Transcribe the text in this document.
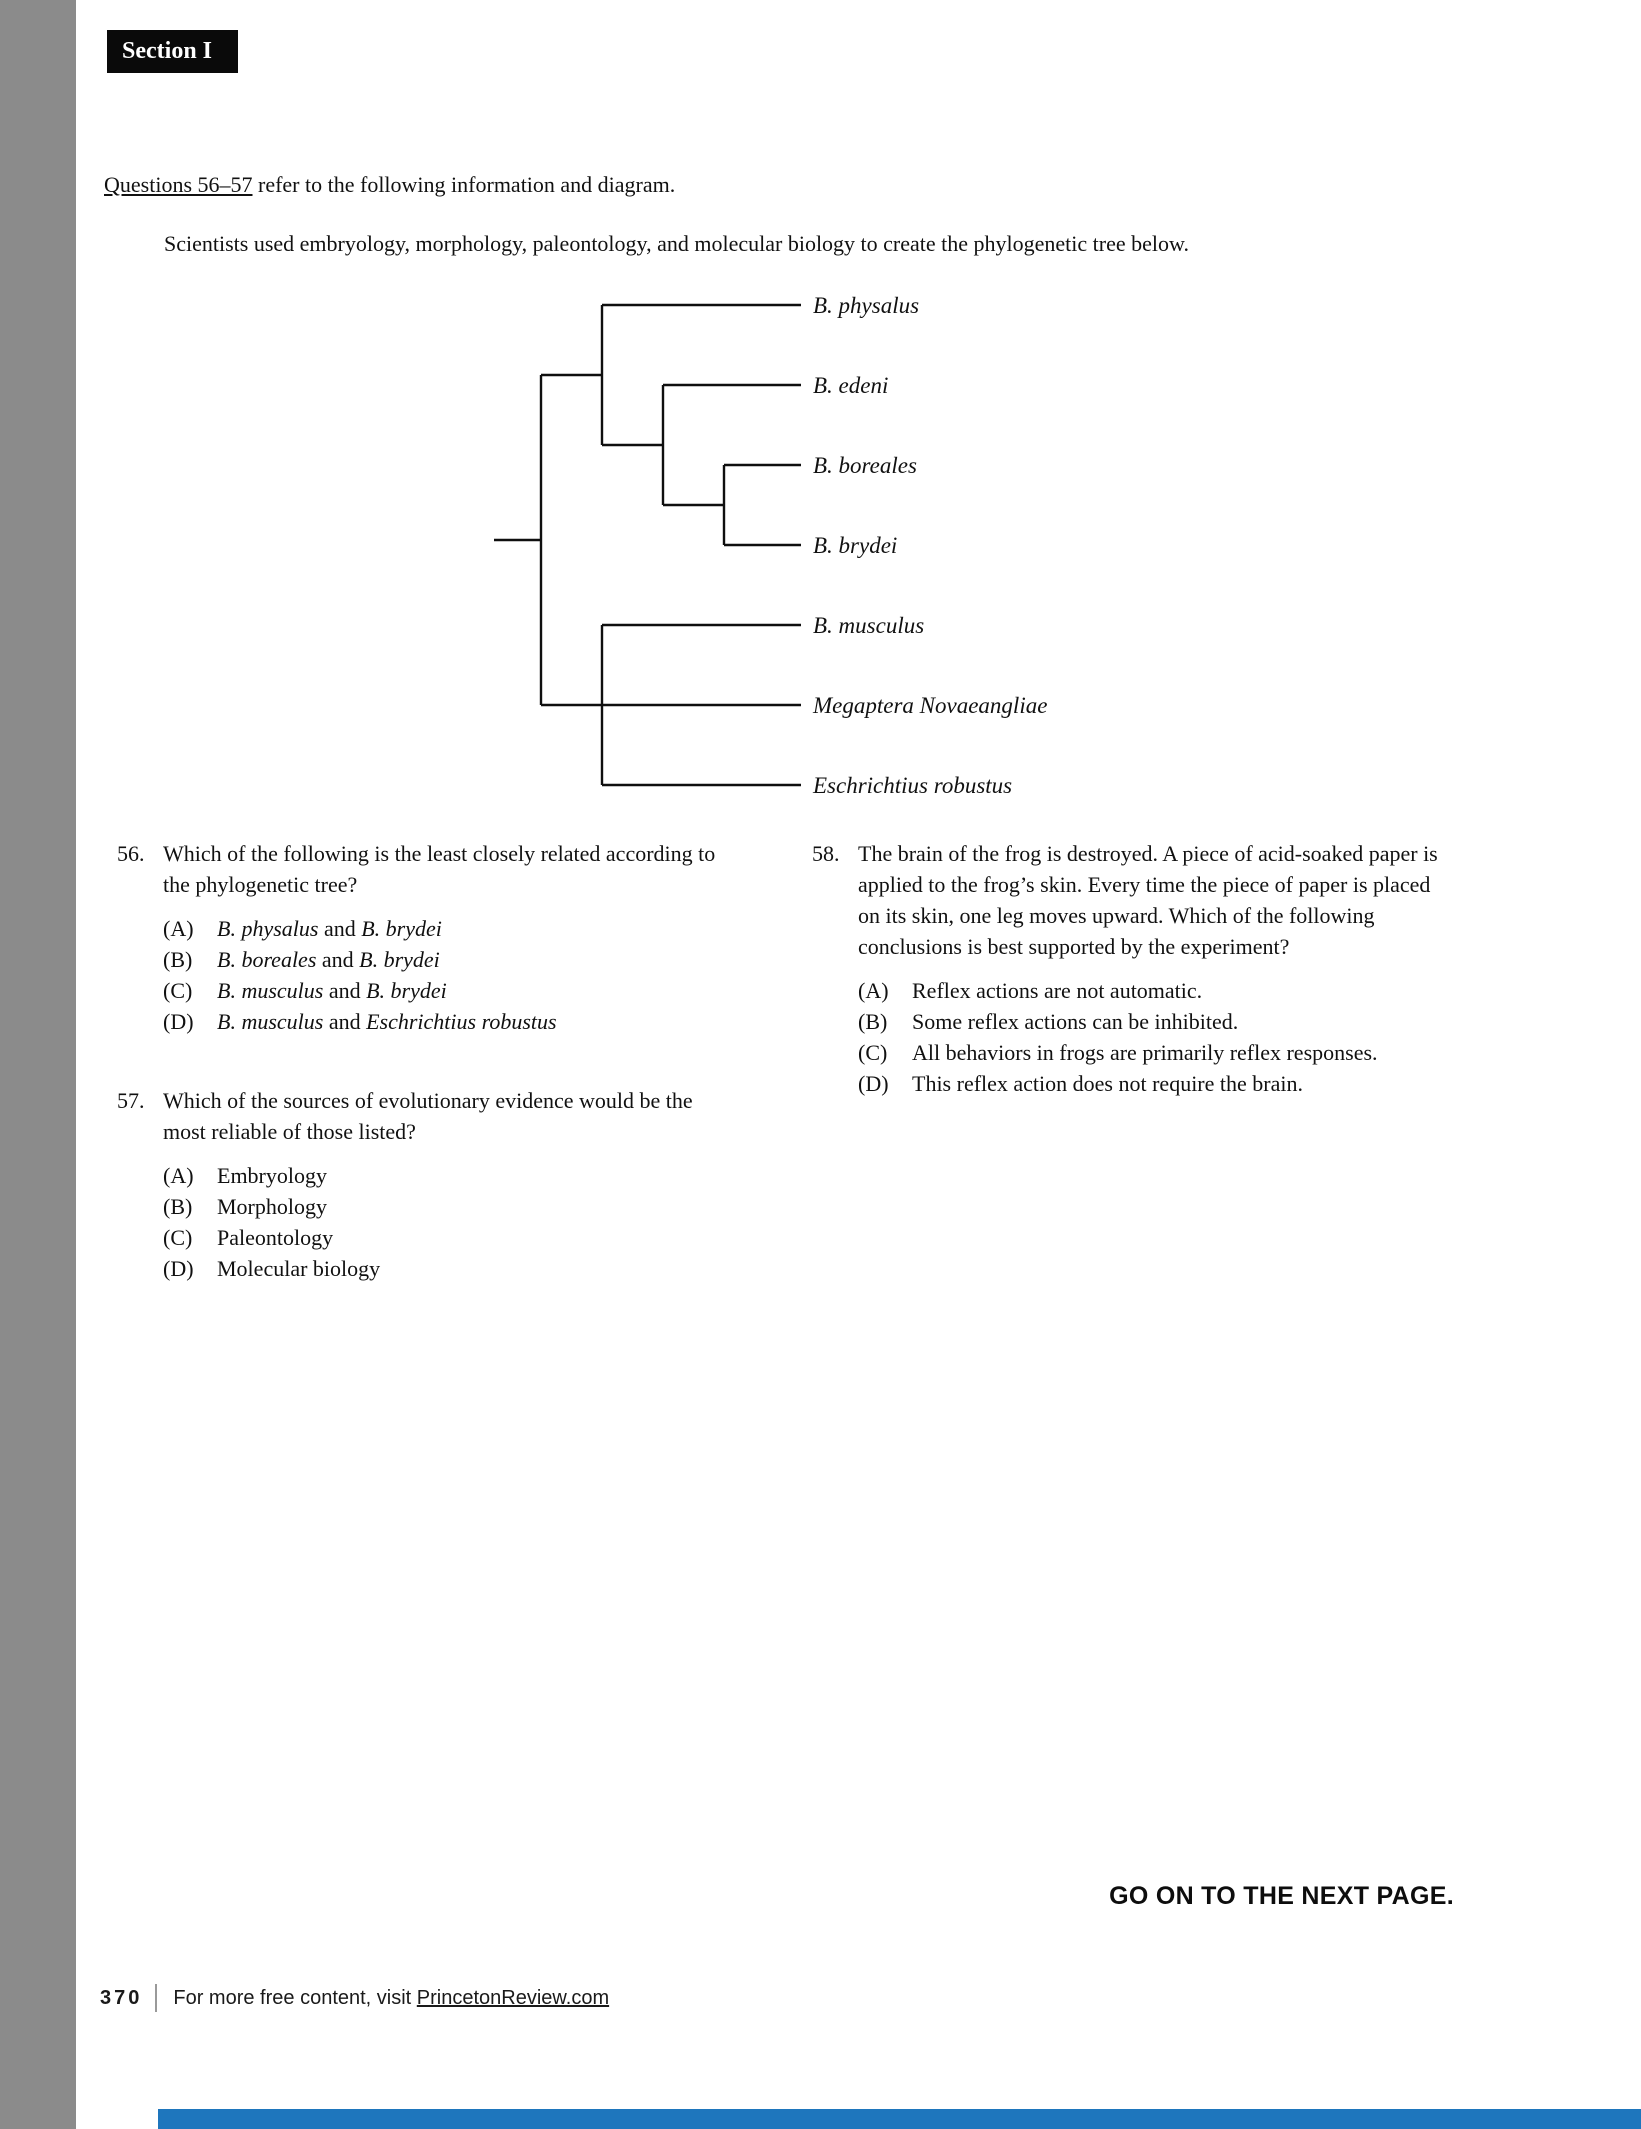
Section I
Questions 56–57 refer to the following information and diagram.
Scientists used embryology, morphology, paleontology, and molecular biology to create the phylogenetic tree below.
B. physalus
B. edeni
B. boreales
B. brydei
B. musculus
Megaptera Novaeangliae
Eschrichtius robustus
56. Which of the following is the least closely related according to the phylogenetic tree?

(A)	B. physalus and B. brydei
(B)	B. boreales and B. brydei
(C)	B. musculus and B. brydei
(D)	B. musculus and Eschrichtius robustus
57. Which of the sources of evolutionary evidence would be the most reliable of those listed?

(A)	Embryology
(B)	Morphology
(C)	Paleontology
(D)	Molecular biology
58. The brain of the frog is destroyed. A piece of acid-soaked paper is applied to the frog’s skin. Every time the piece of paper is placed on its skin, one leg moves upward. Which of the following conclusions is best supported by the experiment?

(A)	Reflex actions are not automatic.
(B)	Some reflex actions can be inhibited.
(C)	All behaviors in frogs are primarily reflex responses.
(D)	This reflex action does not require the brain.
GO ON TO THE NEXT PAGE.
370 For more free content, visit PrincetonReview.com
